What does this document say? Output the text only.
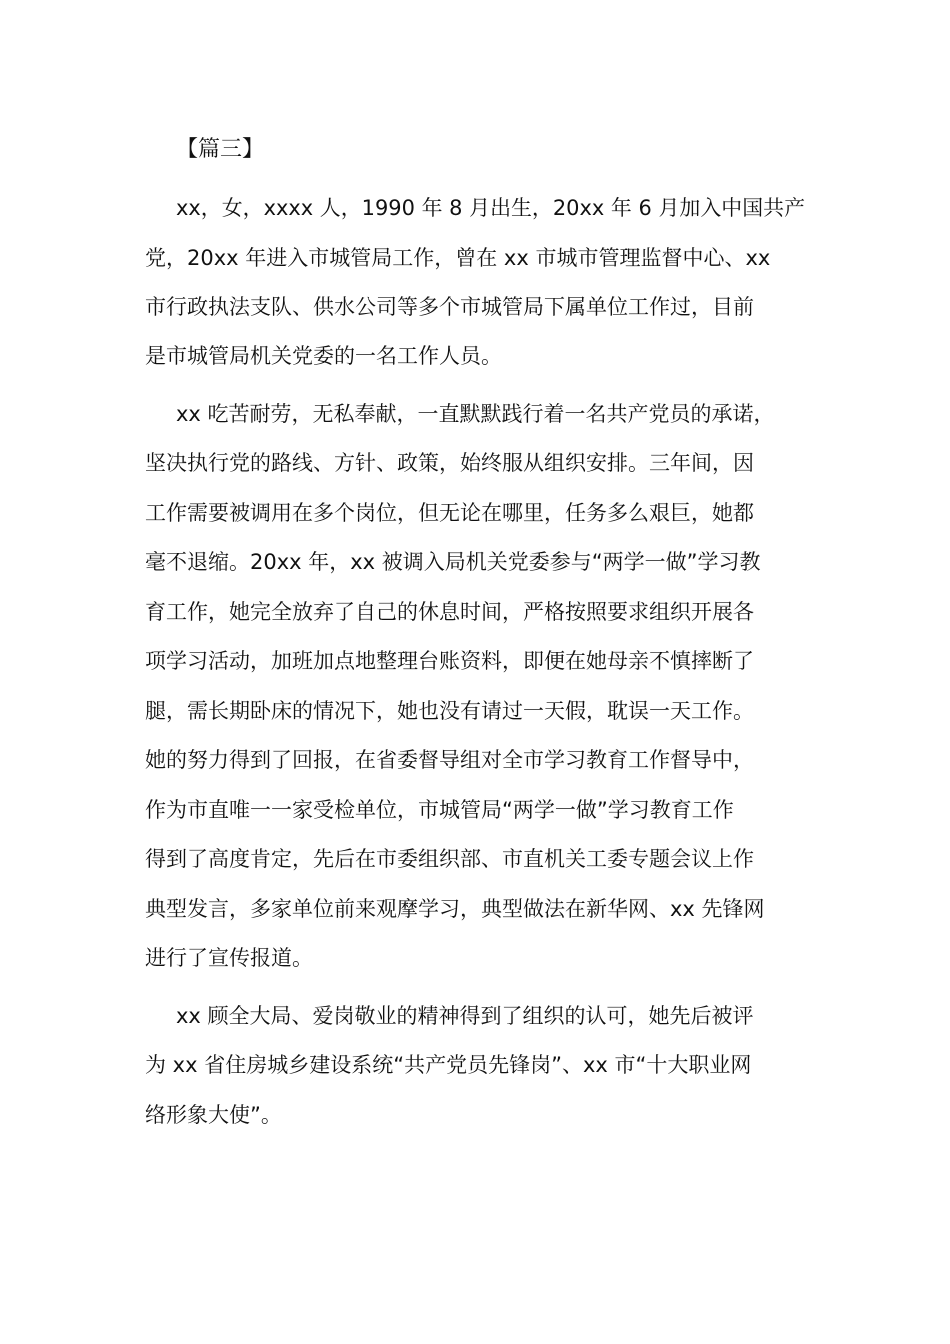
【篇三】
xx，女，xxxx 人，1990 年 8 月出生，20xx 年 6 月加入中国共产
党，20xx 年进入市城管局工作，曾在 xx 市城市管理监督中心、xx
市行政执法支队、供水公司等多个市城管局下属单位工作过，目前
是市城管局机关党委的一名工作人员。
xx 吃苦耐劳，无私奉献，一直默默践行着一名共产党员的承诺，
坚决执行党的路线、方针、政策，始终服从组织安排。三年间，因
工作需要被调用在多个岗位，但无论在哪里，任务多么艰巨，她都
毫不退缩。20xx 年，xx 被调入局机关党委参与“两学一做”学习教
育工作，她完全放弃了自己的休息时间，严格按照要求组织开展各
项学习活动，加班加点地整理台账资料，即便在她母亲不慎摔断了
腿，需长期卧床的情况下，她也没有请过一天假，耽误一天工作。
她的努力得到了回报，在省委督导组对全市学习教育工作督导中，
作为市直唯一一家受检单位，市城管局“两学一做”学习教育工作
得到了高度肯定，先后在市委组织部、市直机关工委专题会议上作
典型发言，多家单位前来观摩学习，典型做法在新华网、xx 先锋网
进行了宣传报道。
xx 顾全大局、爱岗敬业的精神得到了组织的认可，她先后被评
为 xx 省住房城乡建设系统“共产党员先锋岗”、xx 市“十大职业网
络形象大使”。
